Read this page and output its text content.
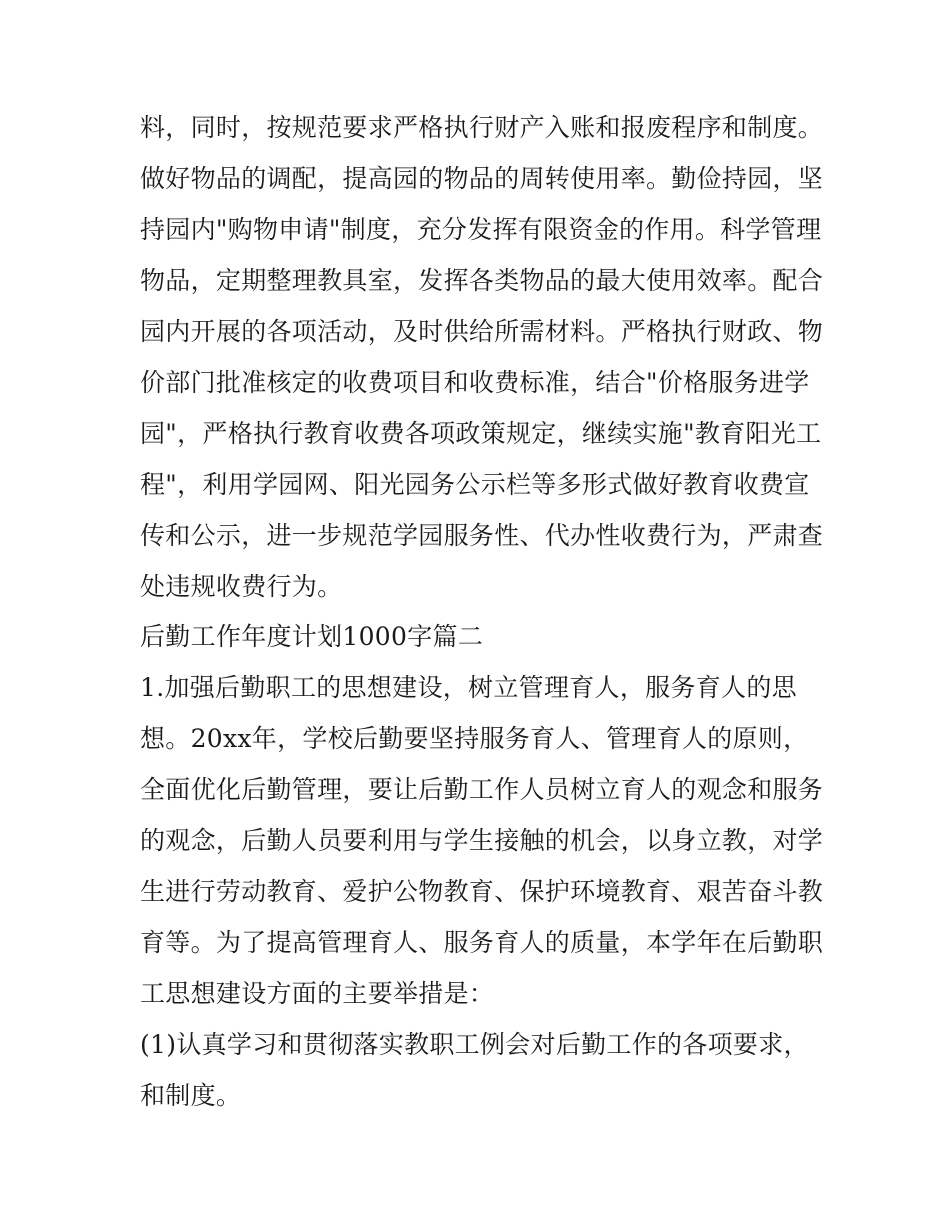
料，同时，按规范要求严格执行财产入账和报废程序和制度。
做好物品的调配，提高园的物品的周转使用率。勤俭持园，坚
持园内"购物申请"制度，充分发挥有限资金的作用。科学管理
物品，定期整理教具室，发挥各类物品的最大使用效率。配合
园内开展的各项活动，及时供给所需材料。严格执行财政、物
价部门批准核定的收费项目和收费标准，结合"价格服务进学
园"，严格执行教育收费各项政策规定，继续实施"教育阳光工
程"，利用学园网、阳光园务公示栏等多形式做好教育收费宣
传和公示，进一步规范学园服务性、代办性收费行为，严肃查
处违规收费行为。
后勤工作年度计划1000字篇二
1.加强后勤职工的思想建设，树立管理育人，服务育人的思
想。20xx年，学校后勤要坚持服务育人、管理育人的原则，
全面优化后勤管理，要让后勤工作人员树立育人的观念和服务
的观念，后勤人员要利用与学生接触的机会，以身立教，对学
生进行劳动教育、爱护公物教育、保护环境教育、艰苦奋斗教
育等。为了提高管理育人、服务育人的质量，本学年在后勤职
工思想建设方面的主要举措是：
(1)认真学习和贯彻落实教职工例会对后勤工作的各项要求，
和制度。
